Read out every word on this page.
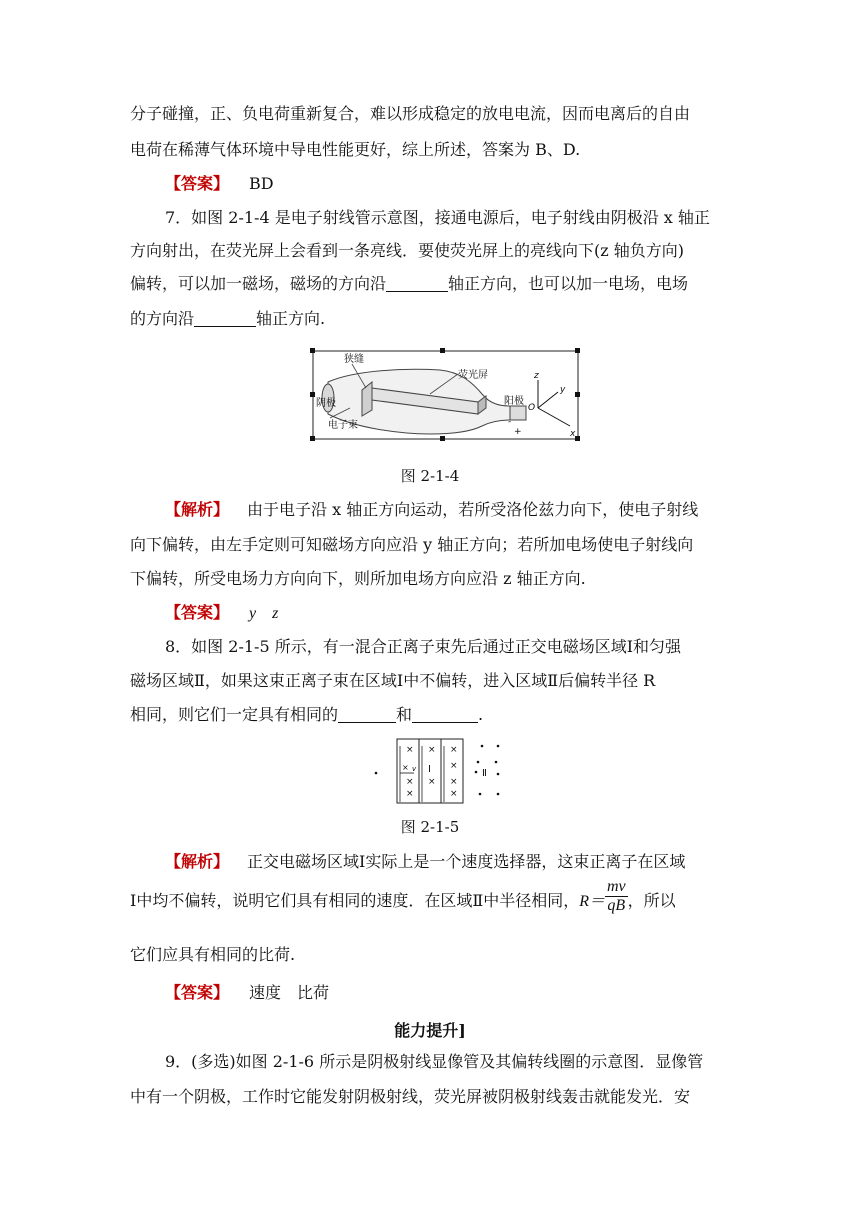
分子碰撞，正、负电荷重新复合，难以形成稳定的放电电流，因而电离后的自由
电荷在稀薄气体环境中导电性能更好，综上所述，答案为 B、D.
【答案】 BD
7．如图 2-1-4 是电子射线管示意图，接通电源后，电子射线由阴极沿 x 轴正
方向射出，在荧光屏上会看到一条亮线．要使荧光屏上的亮线向下(z 轴负方向)
偏转，可以加一磁场，磁场的方向沿	轴正方向，也可以加一电场，电场
的方向沿	轴正方向.
狭缝
荧光屏
阴极
电子束
阳极
O
y
z
x
-
+
图 2-1-4
【解析】 由于电子沿 x 轴正方向运动，若所受洛伦兹力向下，使电子射线
向下偏转，由左手定则可知磁场方向应沿 y 轴正方向；若所加电场使电子射线向
下偏转，所受电场力方向向下，则所加电场方向应沿 z 轴正方向.
【答案】 y　z
8．如图 2-1-5 所示，有一混合正离子束先后通过正交电磁场区域Ⅰ和匀强
磁场区域Ⅱ，如果这束正离子束在区域Ⅰ中不偏转，进入区域Ⅱ后偏转半径 R
相同，则它们一定具有相同的	和	.
× × ×
× × ×
×
×
×
× v Ⅰ	Ⅱ
图 2-1-5
【解析】 正交电磁场区域Ⅰ实际上是一个速度选择器，这束正离子在区域
Ⅰ中均不偏转，说明它们具有相同的速度．在区域Ⅱ中半径相同，$R= \frac{mv}{qB}$ ，所以
它们应具有相同的比荷.
【答案】 速度　比荷
能力提升]
9．(多选)如图 2-1-6 所示是阴极射线显像管及其偏转线圈的示意图．显像管
中有一个阴极，工作时它能发射阴极射线，荧光屏被阴极射线轰击就能发光．安
